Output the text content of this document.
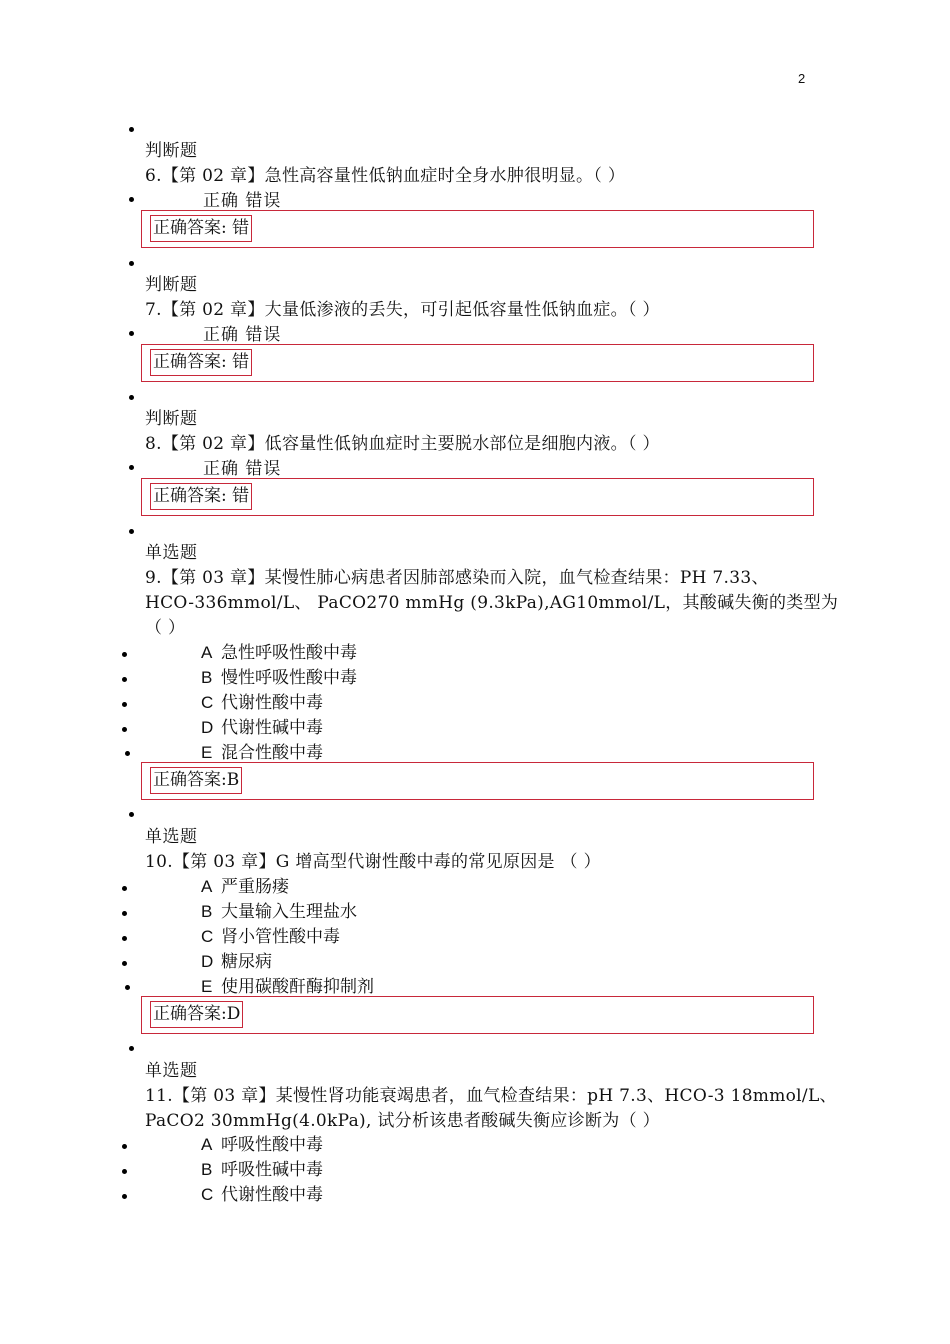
2
判断题
6.【第 02 章】急性高容量性低钠血症时全身水肿很明显。（ ）
正确 错误
正确答案: 错
判断题
7.【第 02 章】大量低渗液的丢失，可引起低容量性低钠血症。（ ）
正确 错误
正确答案: 错
判断题
8.【第 02 章】低容量性低钠血症时主要脱水部位是细胞内液。（ ）
正确 错误
正确答案: 错
单选题
9.【第 03 章】某慢性肺心病患者因肺部感染而入院，血气检查结果：PH 7.33、
HCO-336mmol/L、 PaCO270 mmHg (9.3kPa),AG10mmol/L，其酸碱失衡的类型为
（ ）
A 急性呼吸性酸中毒
B 慢性呼吸性酸中毒
C 代谢性酸中毒
D 代谢性碱中毒
E 混合性酸中毒
正确答案:B
单选题
10.【第 03 章】G 增高型代谢性酸中毒的常见原因是 （ ）
A 严重肠瘘
B 大量输入生理盐水
C 肾小管性酸中毒
D 糖尿病
E 使用碳酸酐酶抑制剂
正确答案:D
单选题
11.【第 03 章】某慢性肾功能衰竭患者，血气检查结果：pH 7.3、HCO-3 18mmol/L、
PaCO2 30mmHg(4.0kPa), 试分析该患者酸碱失衡应诊断为（ ）
A 呼吸性酸中毒
B 呼吸性碱中毒
C 代谢性酸中毒
